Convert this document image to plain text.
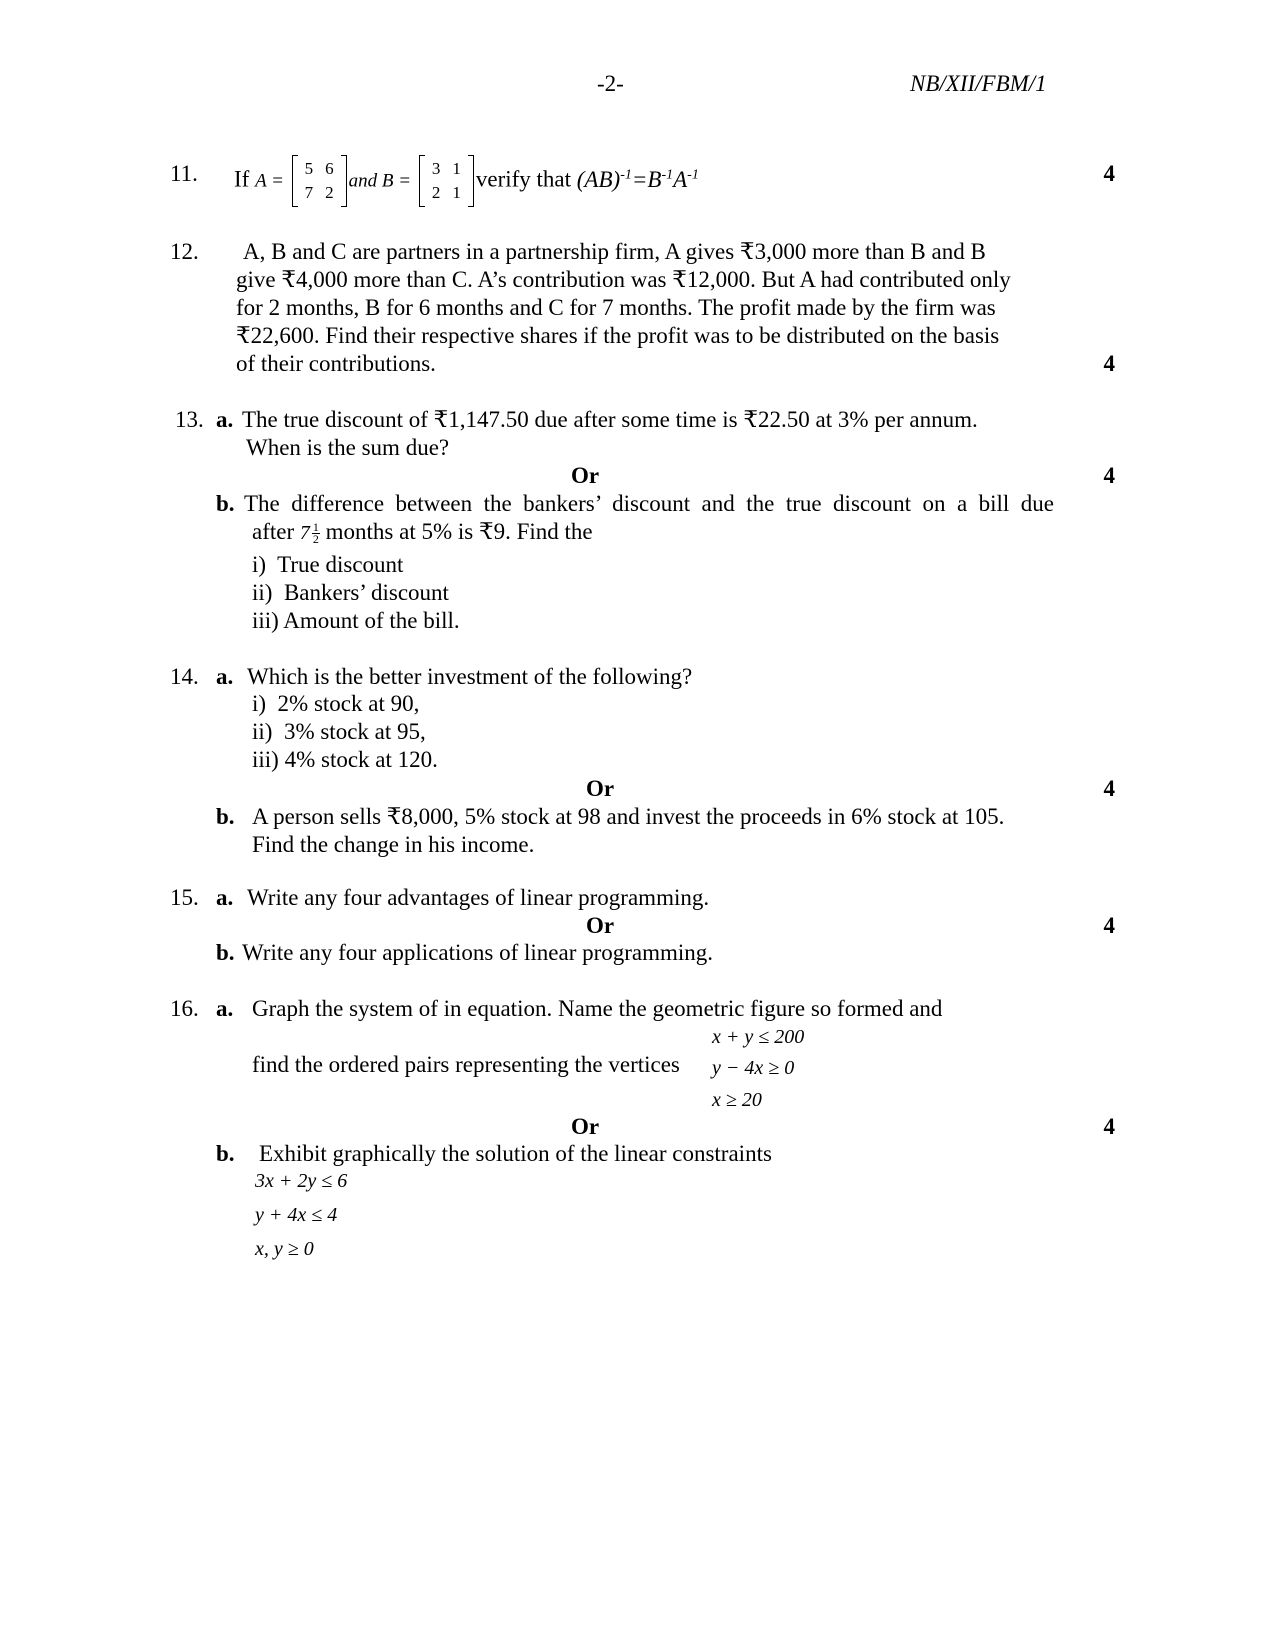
-2-	NB/XII/FBM/1
11. If A =
5	6
7	2
and B =
3	1
2	1
verify that $(AB)^{-1}=B^{-1}A^{-1}$	4
12. A, B and C are partners in a partnership firm, A gives ₹3,000 more than B and B
give ₹4,000 more than C. A’s contribution was ₹12,000. But A had contributed only
for 2 months, B for 6 months and C for 7 months. The profit made by the firm was
₹22,600. Find their respective shares if the profit was to be distributed on the basis
of their contributions.	4
13. a. The true discount of ₹1,147.50 due after some time is ₹22.50 at 3% per annum.
When is the sum due?
Or	4
b. The difference between the bankers’ discount and the true discount on a bill due
after $7 \frac{1}{2}$ months at 5% is ₹9. Find the
i)  True discount
ii)  Bankers’ discount
iii) Amount of the bill.
14. a. Which is the better investment of the following?
i)  2% stock at 90,
ii)  3% stock at 95,
iii) 4% stock at 120.
Or	4
b. A person sells ₹8,000, 5% stock at 98 and invest the proceeds in 6% stock at 105.
Find the change in his income.
15. a. Write any four advantages of linear programming.
Or	4
b. Write any four applications of linear programming.
16. a. Graph the system of in equation. Name the geometric figure so formed and
x + y ≤ 200
find the ordered pairs representing the vertices y − 4x ≥ 0
x ≥ 20
Or	4
b. Exhibit graphically the solution of the linear constraints
3x + 2y ≤ 6
y + 4x ≤ 4
x, y ≥ 0
